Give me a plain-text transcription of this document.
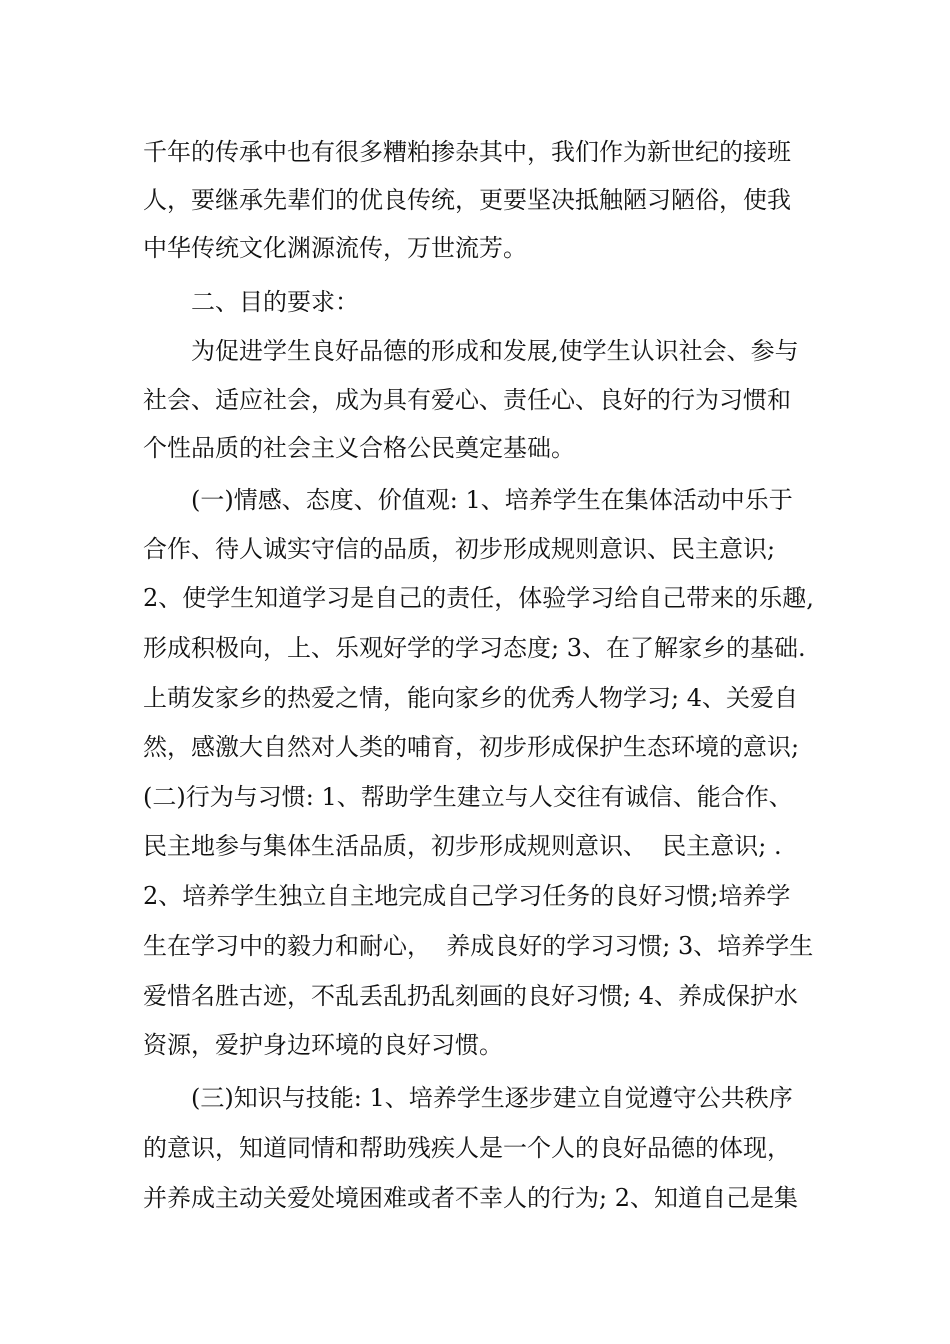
千年的传承中也有很多糟粕掺杂其中，我们作为新世纪的接班
人，要继承先辈们的优良传统，更要坚决抵触陋习陋俗，使我
中华传统文化渊源流传，万世流芳。
二、目的要求：
为促进学生良好品德的形成和发展,使学生认识社会、参与
社会、适应社会，成为具有爱心、责任心、良好的行为习惯和
个性品质的社会主义合格公民奠定基础。
(一)情感、态度、价值观: 1、培养学生在集体活动中乐于
合作、待人诚实守信的品质，初步形成规则意识、民主意识;
2、使学生知道学习是自己的责任，体验学习给自己带来的乐趣,
形成积极向，上、乐观好学的学习态度; 3、在了解家乡的基础.
上萌发家乡的热爱之情，能向家乡的优秀人物学习; 4、关爱自
然，感激大自然对人类的哺育，初步形成保护生态环境的意识;
(二)行为与习惯: 1、帮助学生建立与人交往有诚信、能合作、
民主地参与集体生活品质，初步形成规则意识、  民主意识; .
2、培养学生独立自主地完成自己学习任务的良好习惯;培养学
生在学习中的毅力和耐心，  养成良好的学习习惯; 3、培养学生
爱惜名胜古迹，不乱丢乱扔乱刻画的良好习惯; 4、养成保护水
资源，爱护身边环境的良好习惯。
(三)知识与技能: 1、培养学生逐步建立自觉遵守公共秩序
的意识，知道同情和帮助残疾人是一个人的良好品德的体现，
并养成主动关爱处境困难或者不幸人的行为; 2、知道自己是集
